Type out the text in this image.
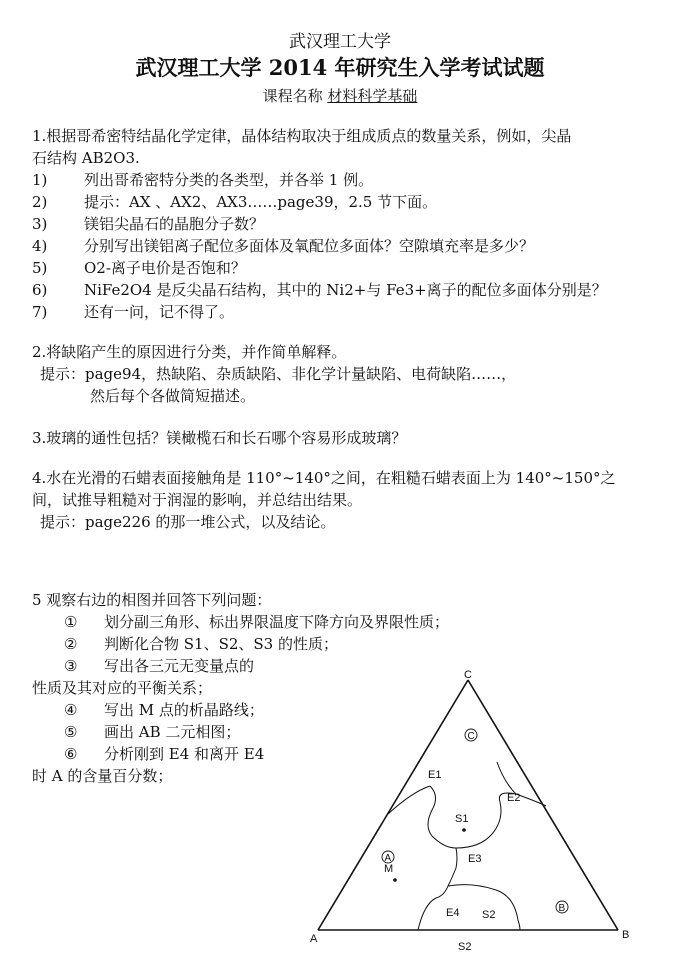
武汉理工大学
武汉理工大学 2014 年研究生入学考试试题
课程名称 材料科学基础
1.根据哥希密特结晶化学定律，晶体结构取决于组成质点的数量关系，例如，尖晶
石结构 AB2O3.
1) 列出哥希密特分类的各类型，并各举 1 例。
2) 提示：AX 、AX2、AX3……page39，2.5 节下面。
3) 镁铝尖晶石的晶胞分子数？
4) 分别写出镁铝离子配位多面体及氧配位多面体？空隙填充率是多少？
5) O2-离子电价是否饱和？
6) NiFe2O4 是反尖晶石结构，其中的 Ni2+与 Fe3+离子的配位多面体分别是？
7) 还有一问，记不得了。
2.将缺陷产生的原因进行分类，并作简单解释。
提示：page94，热缺陷、杂质缺陷、非化学计量缺陷、电荷缺陷……，
然后每个各做简短描述。
3.玻璃的通性包括？镁橄榄石和长石哪个容易形成玻璃？
4.水在光滑的石蜡表面接触角是 110°~140°之间，在粗糙石蜡表面上为 140°~150°之
间，试推导粗糙对于润湿的影响，并总结出结果。
提示：page226 的那一堆公式，以及结论。
5 观察右边的相图并回答下列问题：
① 划分副三角形、标出界限温度下降方向及界限性质；
② 判断化合物 S1、S2、S3 的性质；
③ 写出各三元无变量点的
性质及其对应的平衡关系；
④ 写出 M 点的析晶路线；
⑤ 画出 AB 二元相图；
⑥ 分析刚到 E4 和离开 E4
时 A 的含量百分数；
A	B
C
E1
E2
S1
E3
M
E4 S2
S2
C
A
B
